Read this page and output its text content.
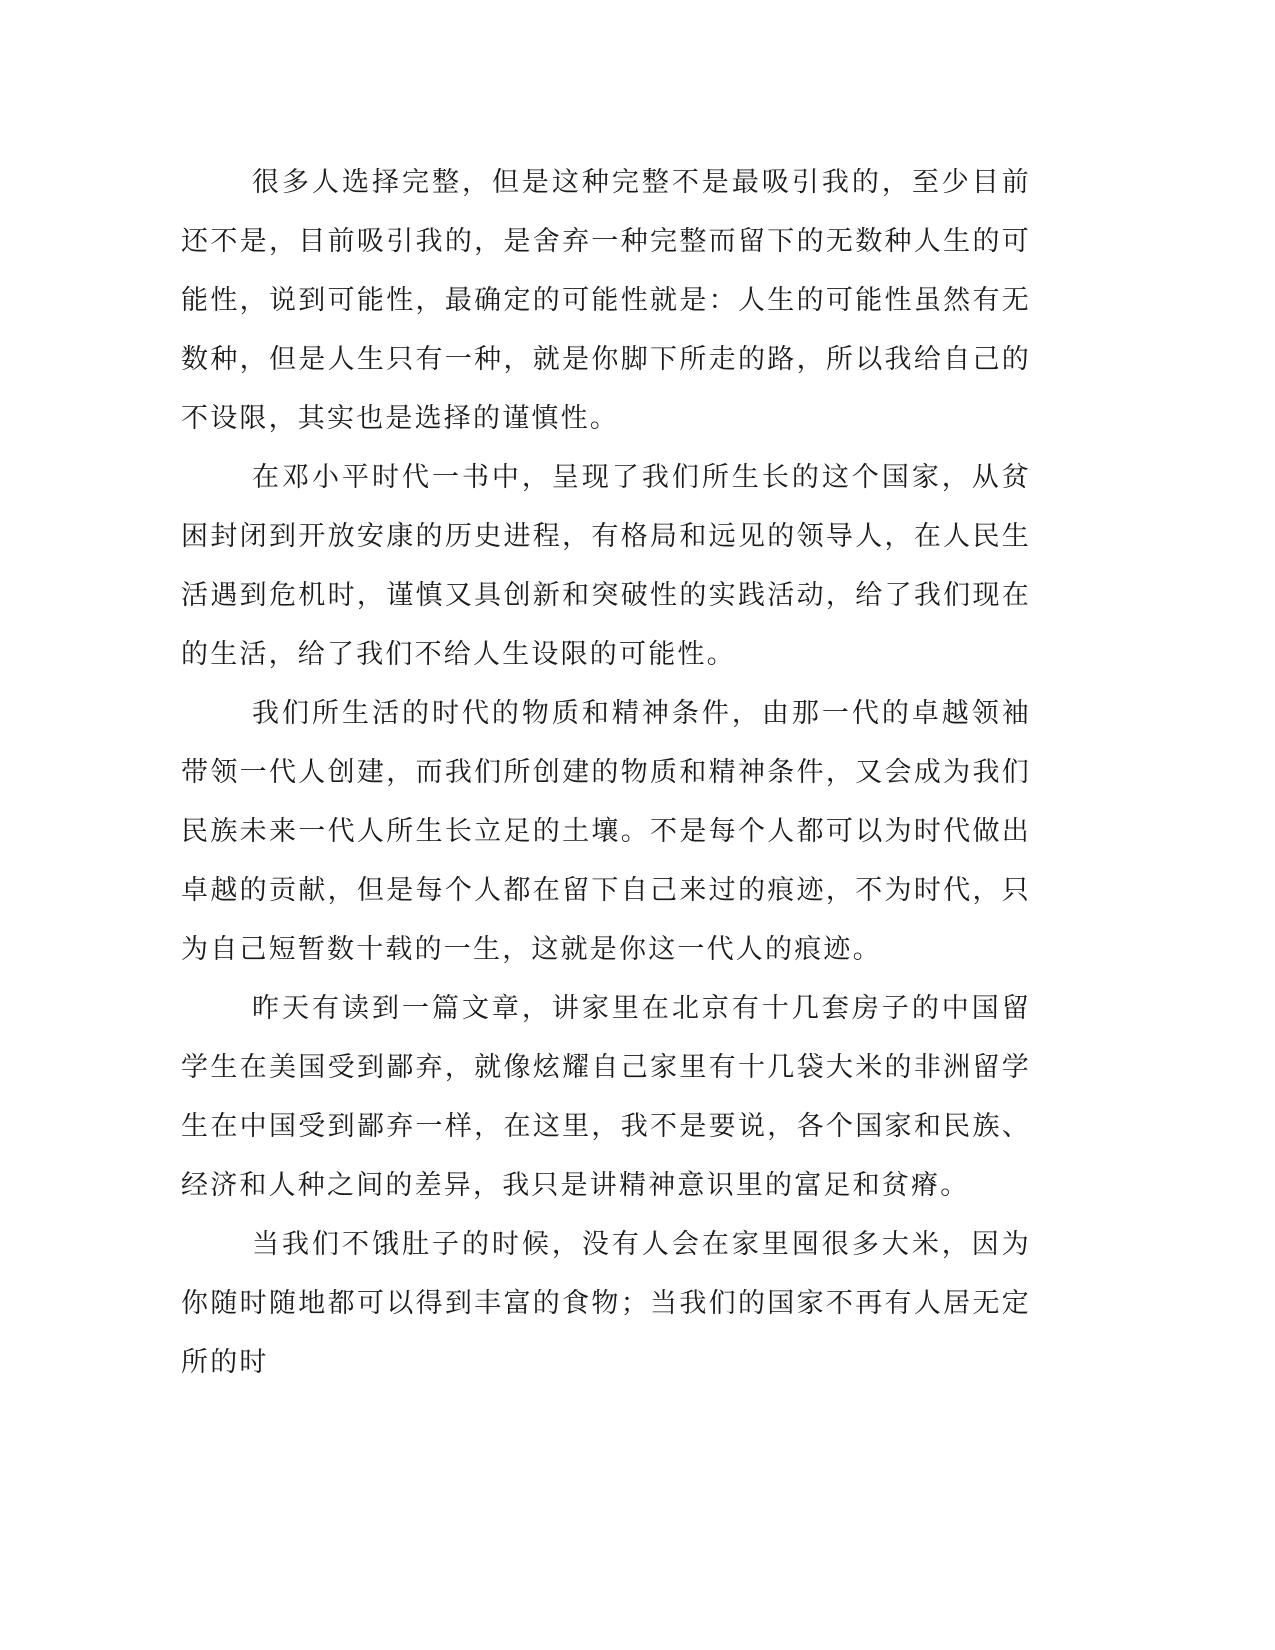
很多人选择完整，但是这种完整不是最吸引我的，至少目前还不是，目前吸引我的，是舍弃一种完整而留下的无数种人生的可能性，说到可能性，最确定的可能性就是：人生的可能性虽然有无数种，但是人生只有一种，就是你脚下所走的路，所以我给自己的不设限，其实也是选择的谨慎性。

在邓小平时代一书中，呈现了我们所生长的这个国家，从贫困封闭到开放安康的历史进程，有格局和远见的领导人，在人民生活遇到危机时，谨慎又具创新和突破性的实践活动，给了我们现在的生活，给了我们不给人生设限的可能性。

我们所生活的时代的物质和精神条件，由那一代的卓越领袖带领一代人创建，而我们所创建的物质和精神条件，又会成为我们民族未来一代人所生长立足的土壤。不是每个人都可以为时代做出卓越的贡献，但是每个人都在留下自己来过的痕迹，不为时代，只为自己短暂数十载的一生，这就是你这一代人的痕迹。

昨天有读到一篇文章，讲家里在北京有十几套房子的中国留学生在美国受到鄙弃，就像炫耀自己家里有十几袋大米的非洲留学生在中国受到鄙弃一样，在这里，我不是要说，各个国家和民族、经济和人种之间的差异，我只是讲精神意识里的富足和贫瘠。

当我们不饿肚子的时候，没有人会在家里囤很多大米，因为你随时随地都可以得到丰富的食物；当我们的国家不再有人居无定所的时
